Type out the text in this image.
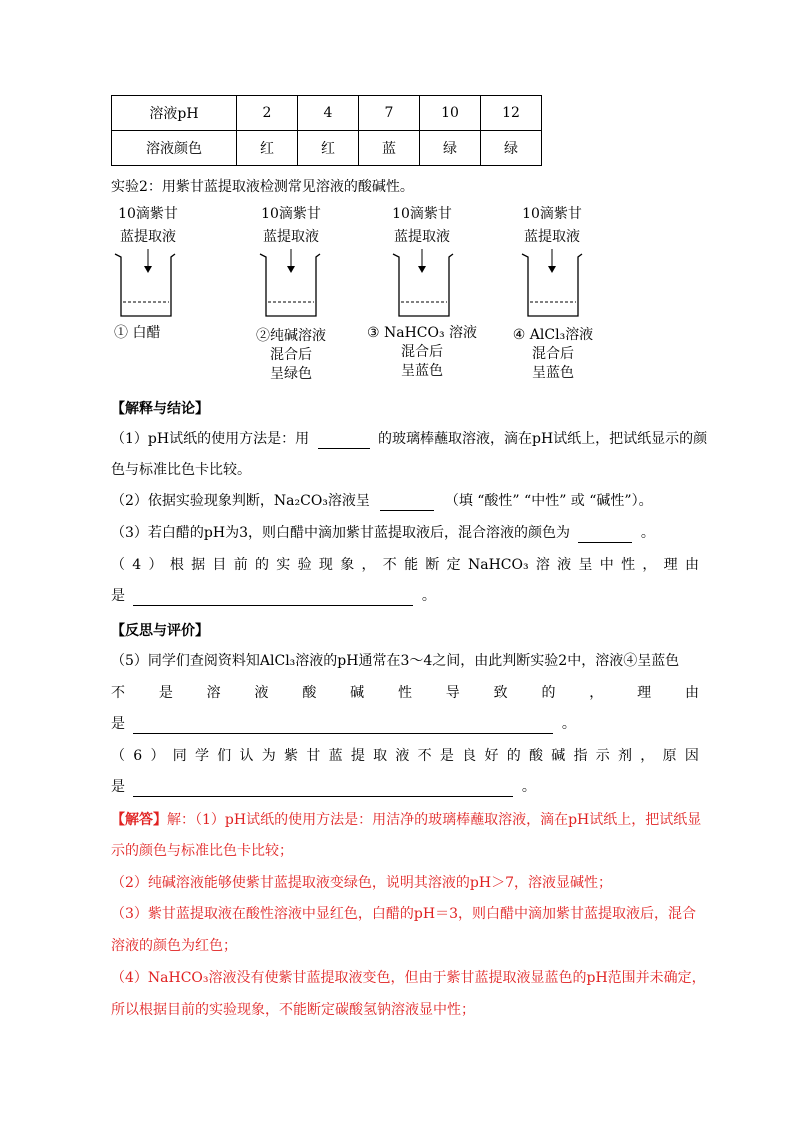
溶液pH	2	4	7	10	12
溶液颜色	红	红	蓝	绿	绿
实验2：用紫甘蓝提取液检测常见溶液的酸碱性。
10滴紫甘
蓝提取液
① 白醋
10滴紫甘
蓝提取液
②纯碱溶液
混合后
呈绿色
10滴紫甘
蓝提取液
③ NaHCO₃ 溶液
混合后
呈蓝色
10滴紫甘
蓝提取液
④ AlCl₃溶液
混合后
呈蓝色
【解释与结论】
（1）pH试纸的使用方法是：用	的玻璃棒蘸取溶液，滴在pH试纸上，把试纸显示的颜
色与标准比色卡比较。
（2）依据实验现象判断，Na₂CO₃溶液呈	（填 “酸性” “中性” 或 “碱性”）。
（3）若白醋的pH为3，则白醋中滴加紫甘蓝提取液后，混合溶液的颜色为	。
（ 4 ） 根 据 目 前 的 实 验 现 象 ， 不 能 断 定 NaHCO₃ 溶 液 呈 中 性 ， 理 由
是	。
【反思与评价】
（5）同学们查阅资料知AlCl₃溶液的pH通常在3～4之间，由此判断实验2中，溶液④呈蓝色
不 是 溶 液 酸 碱 性 导 致 的 ， 理 由
是	。
（ 6 ） 同 学 们 认 为 紫 甘 蓝 提 取 液 不 是 良 好 的 酸 碱 指 示 剂 ， 原 因
是	。
【解答】解：（1）pH试纸的使用方法是：用洁净的玻璃棒蘸取溶液，滴在pH试纸上，把试纸显
示的颜色与标准比色卡比较；
（2）纯碱溶液能够使紫甘蓝提取液变绿色，说明其溶液的pH＞7，溶液显碱性；
（3）紫甘蓝提取液在酸性溶液中显红色，白醋的pH＝3，则白醋中滴加紫甘蓝提取液后，混合
溶液的颜色为红色；
（4）NaHCO₃溶液没有使紫甘蓝提取液变色，但由于紫甘蓝提取液显蓝色的pH范围并未确定，
所以根据目前的实验现象，不能断定碳酸氢钠溶液显中性；
